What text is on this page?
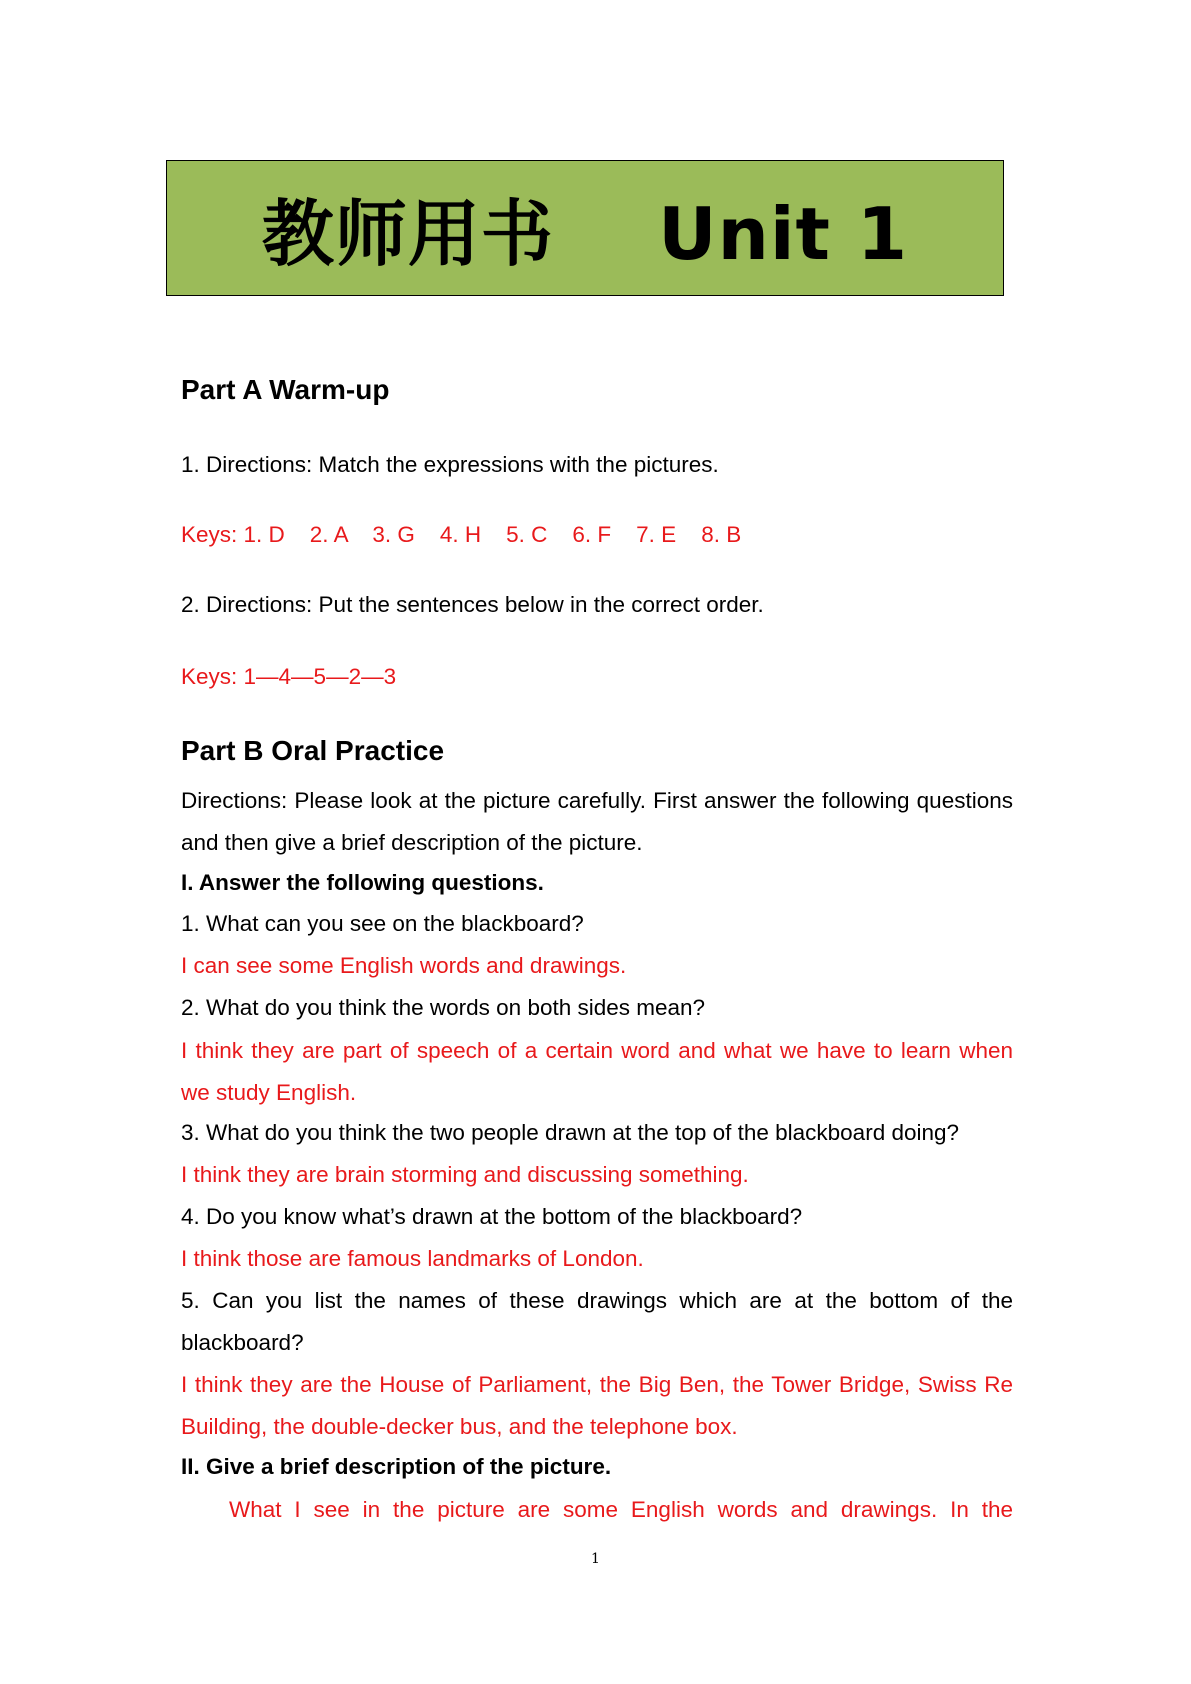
教师用书    Unit 1
Part A Warm-up
1. Directions: Match the expressions with the pictures.
Keys: 1. D    2. A    3. G    4. H    5. C    6. F    7. E    8. B
2. Directions: Put the sentences below in the correct order.
Keys: 1—4—5—2—3
Part B Oral Practice
Directions: Please look at the picture carefully. First answer the following questions and then give a brief description of the picture.
I. Answer the following questions.
1. What can you see on the blackboard?
I can see some English words and drawings.
2. What do you think the words on both sides mean?
I think they are part of speech of a certain word and what we have to learn when we study English.
3. What do you think the two people drawn at the top of the blackboard doing?
I think they are brain storming and discussing something.
4. Do you know what’s drawn at the bottom of the blackboard?
I think those are famous landmarks of London.
5. Can you list the names of these drawings which are at the bottom of the blackboard?
I think they are the House of Parliament, the Big Ben, the Tower Bridge, Swiss Re Building, the double-decker bus, and the telephone box.
II. Give a brief description of the picture.
What I see in the picture are some English words and drawings. In the
1
